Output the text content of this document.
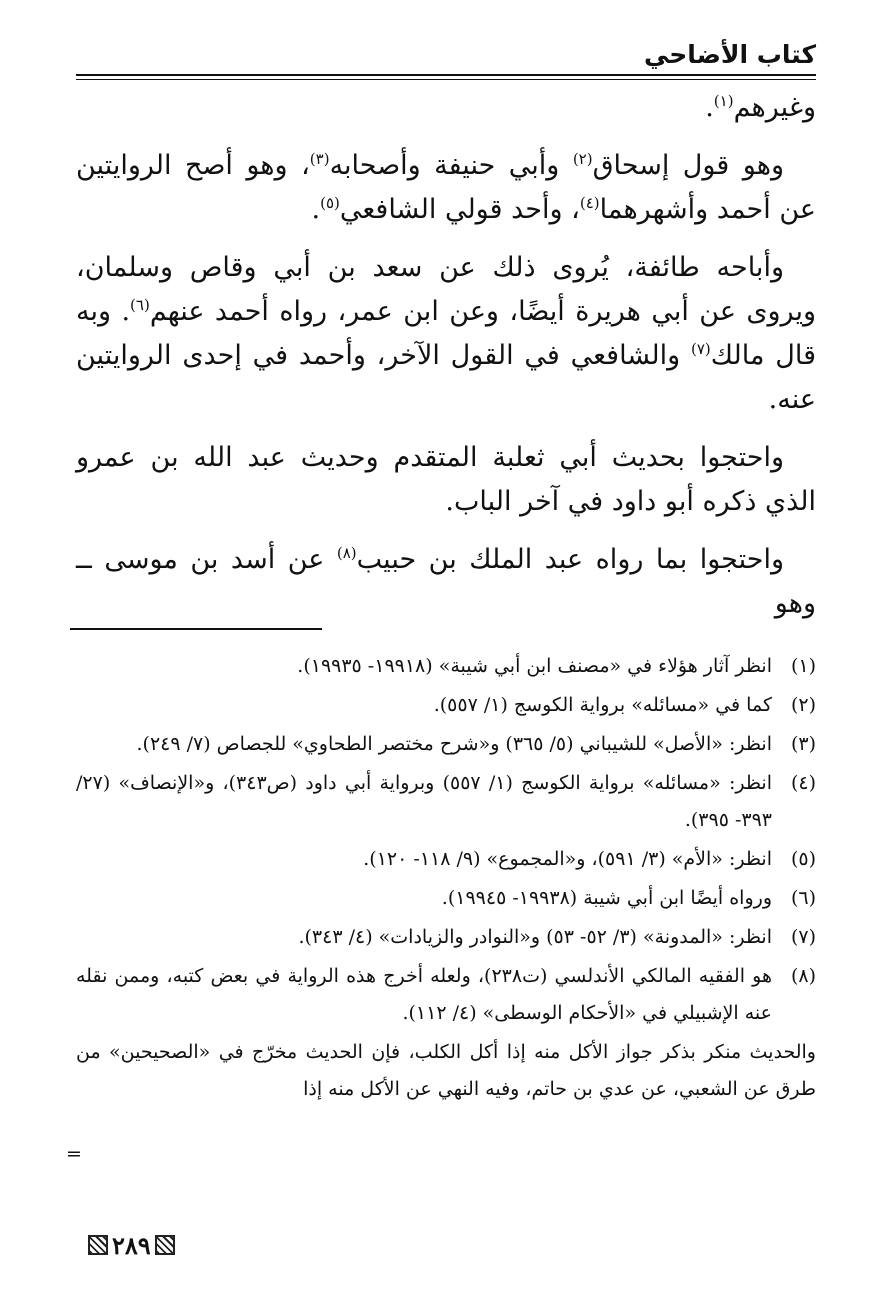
كتاب الأضاحي

وغيرهم$^{(١)}$.

وهو قول إسحاق$^{(٢)}$ وأبي حنيفة وأصحابه$^{(٣)}$، وهو أصح الروايتين عن أحمد وأشهرهما$^{(٤)}$، وأحد قولي الشافعي$^{(٥)}$.

وأباحه طائفة، يُروى ذلك عن سعد بن أبي وقاص وسلمان، ويروى عن أبي هريرة أيضًا، وعن ابن عمر، رواه أحمد عنهم$^{(٦)}$. وبه قال مالك$^{(٧)}$ والشافعي في القول الآخر، وأحمد في إحدى الروايتين عنه.

واحتجوا بحديث أبي ثعلبة المتقدم وحديث عبد الله بن عمرو الذي ذكره أبو داود في آخر الباب.

واحتجوا بما رواه عبد الملك بن حبيب$^{(٨)}$ عن أسد بن موسى ــ وهو

(١)
انظر آثار هؤلاء في «مصنف ابن أبي شيبة» (١٩٩١٨- ١٩٩٣٥).
(٢)
كما في «مسائله» برواية الكوسج (١/ ٥٥٧).
(٣)
انظر: «الأصل» للشيباني (٥/ ٣٦٥) و«شرح مختصر الطحاوي» للجصاص (٧/ ٢٤٩).
(٤)
انظر: «مسائله» برواية الكوسج (١/ ٥٥٧) وبرواية أبي داود (ص٣٤٣)، و«الإنصاف» (٢٧/ ٣٩٣- ٣٩٥).
(٥)
انظر: «الأم» (٣/ ٥٩١)، و«المجموع» (٩/ ١١٨- ١٢٠).
(٦)
ورواه أيضًا ابن أبي شيبة (١٩٩٣٨- ١٩٩٤٥).
(٧)
انظر: «المدونة» (٣/ ٥٢- ٥٣) و«النوادر والزيادات» (٤/ ٣٤٣).
(٨)
هو الفقيه المالكي الأندلسي (ت٢٣٨)، ولعله أخرج هذه الرواية في بعض كتبه، وممن نقله عنه الإشبيلي في «الأحكام الوسطى» (٤/ ١١٢).
والحديث منكر بذكر جواز الأكل منه إذا أكل الكلب، فإن الحديث مخرّج في «الصحيحين» من طرق عن الشعبي، عن عدي بن حاتم، وفيه النهي عن الأكل منه إذا
=
٢٨٩
